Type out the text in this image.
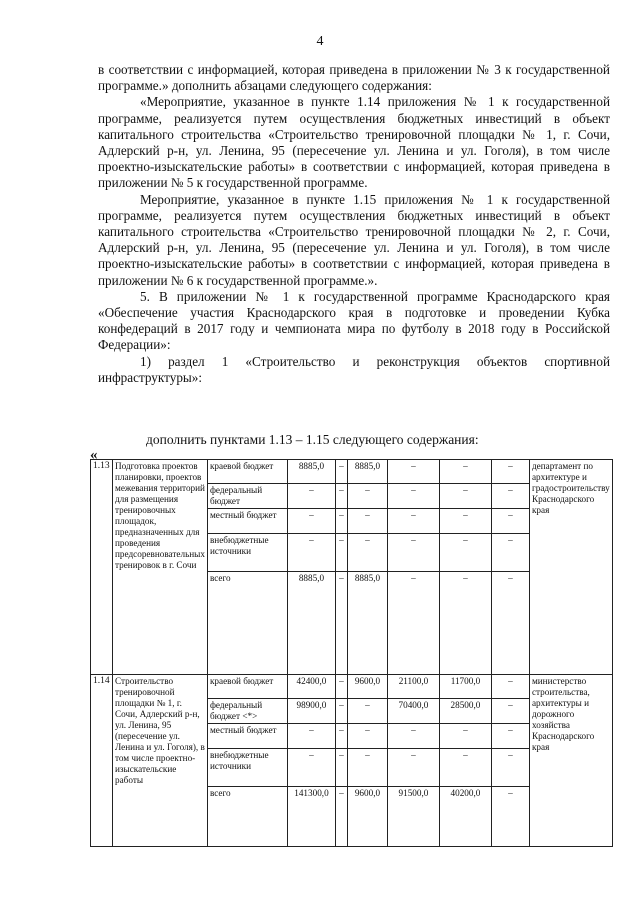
4

в соответствии с информацией, которая приведена в приложении № 3 к государственной программе.» дополнить абзацами следующего содержания:

«Мероприятие, указанное в пункте 1.14 приложения № 1 к государственной программе, реализуется путем осуществления бюджетных инвестиций в объект капитального строительства «Строительство тренировочной площадки № 1, г. Сочи, Адлерский р-н, ул. Ленина, 95 (пересечение ул. Ленина и ул. Гоголя), в том числе проектно-изыскательские работы» в соответствии с информацией, которая приведена в приложении № 5 к государственной программе.

Мероприятие, указанное в пункте 1.15 приложения № 1 к государственной программе, реализуется путем осуществления бюджетных инвестиций в объект капитального строительства «Строительство тренировочной площадки № 2, г. Сочи, Адлерский р-н, ул. Ленина, 95 (пересечение ул. Ленина и ул. Гоголя), в том числе проектно-изыскательские работы» в соответствии с информацией, которая приведена в приложении № 6 к государственной программе.».

5. В приложении № 1 к государственной программе Краснодарского края «Обеспечение участия Краснодарского края в подготовке и проведении Кубка конфедераций в 2017 году и чемпионата мира по футболу в 2018 году в Российской Федерации»:

1) раздел 1 «Строительство и реконструкция объектов спортивной инфраструктуры»:

дополнить пунктами 1.13 – 1.15 следующего содержания:
«
1.13	Подготовка проектов планировки, проектов межевания территорий для размещения тренировочных площадок, предназначенных для проведения предсоревновательных тренировок в г. Сочи	краевой бюджет	8885,0	–	8885,0	–	–	–	департамент по архитектуре и градостроительству Краснодарского края
		федеральный бюджет	–	–	–	–	–	–	
		местный бюджет	–	–	–	–	–	–	
		внебюджетные источники	–	–	–	–	–	–	
		всего	8885,0	–	8885,0	–	–	–	
1.14	Строительство тренировочной площадки № 1, г. Сочи, Адлерский р-н, ул. Ленина, 95 (пересечение ул. Ленина и ул. Гоголя), в том числе проектно-изыскательские работы	краевой бюджет	42400,0	–	9600,0	21100,0	11700,0	–	министерство строительства, архитектуры и дорожного хозяйства Краснодарского края
		федеральный бюджет <*>	98900,0	–	–	70400,0	28500,0	–	
		местный бюджет	–	–	–	–	–	–	
		внебюджетные источники	–	–	–	–	–	–	
		всего	141300,0	–	9600,0	91500,0	40200,0	–	
